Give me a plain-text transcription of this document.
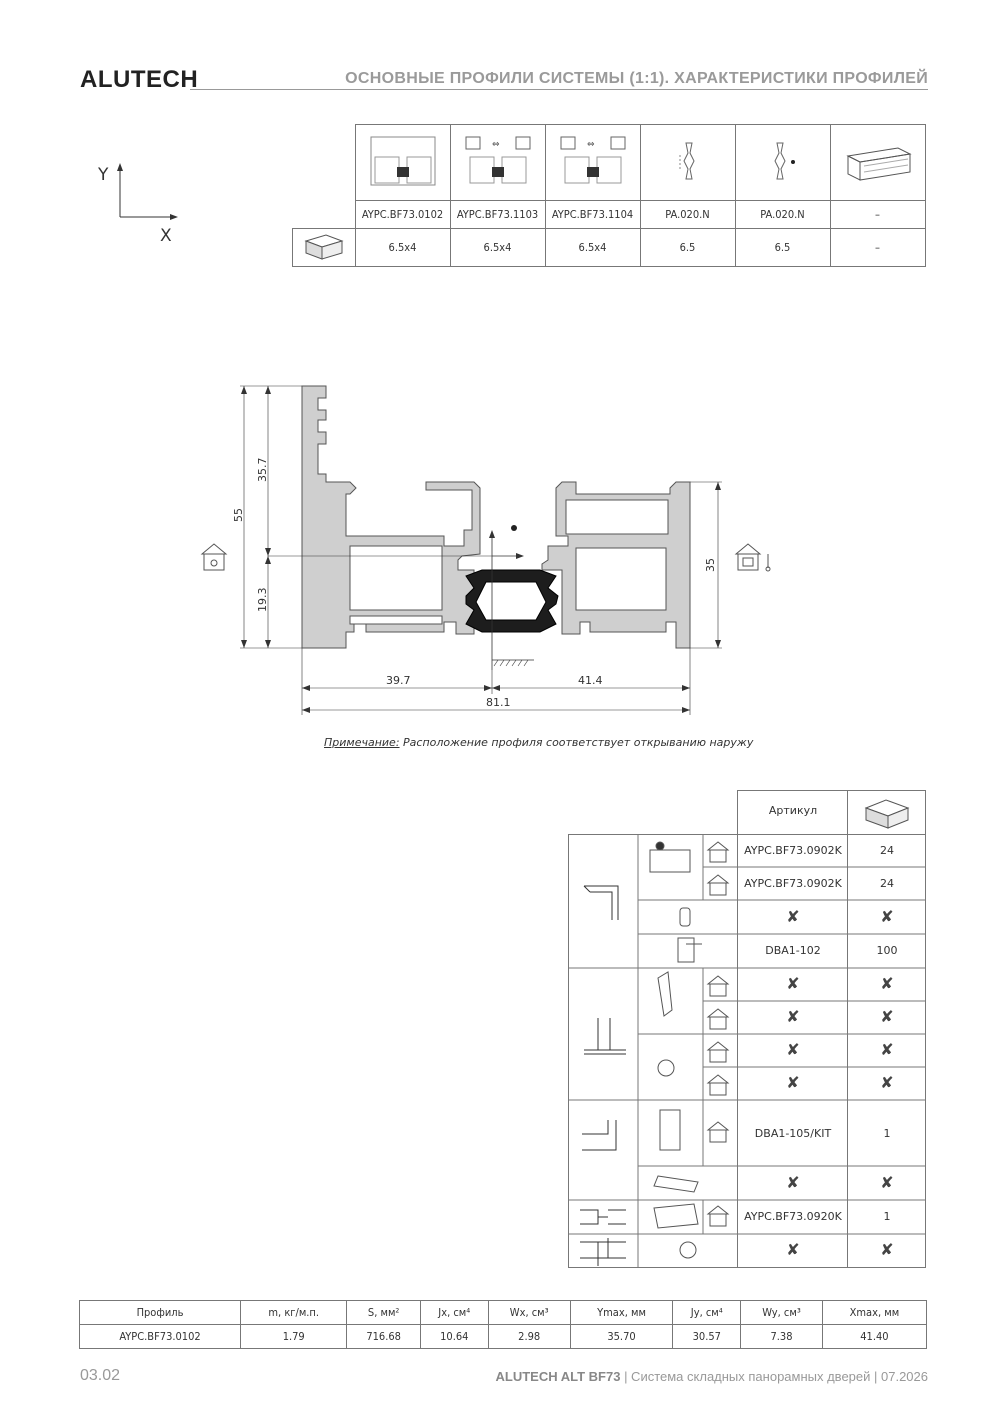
ALUTECH	ОСНОВНЫЕ ПРОФИЛИ СИСТЕМЫ (1:1). ХАРАКТЕРИСТИКИ ПРОФИЛЕЙ
Y
X

⇔	⇔

	AYPC.BF73.0102	AYPC.BF73.1103	AYPC.BF73.1104	PA.020.N	PA.020.N	–
	6.5x4	6.5x4	6.5x4	6.5	6.5	–
55
35.7
19.3
35
39.7	41.4
81.1
Примечание: Расположение профиля соответствует открыванию наружу
Артикул
AYPC.BF73.0902K	24
AYPC.BF73.0902K	24
✘	✘
DBA1-102	100
✘	✘
✘	✘
✘	✘
✘	✘
DBA1-105/KIT	1
✘	✘
AYPC.BF73.0920K	1
✘	✘
Профиль	m, кг/м.п.	S, мм²	Jx, см⁴	Wx, см³	Ymax, мм	Jy, см⁴	Wy, см³	Xmax, мм
AYPC.BF73.0102	1.79	716.68	10.64	2.98	35.70	30.57	7.38	41.40
03.02	ALUTECH ALT BF73 | Система складных панорамных дверей | 07.2026
